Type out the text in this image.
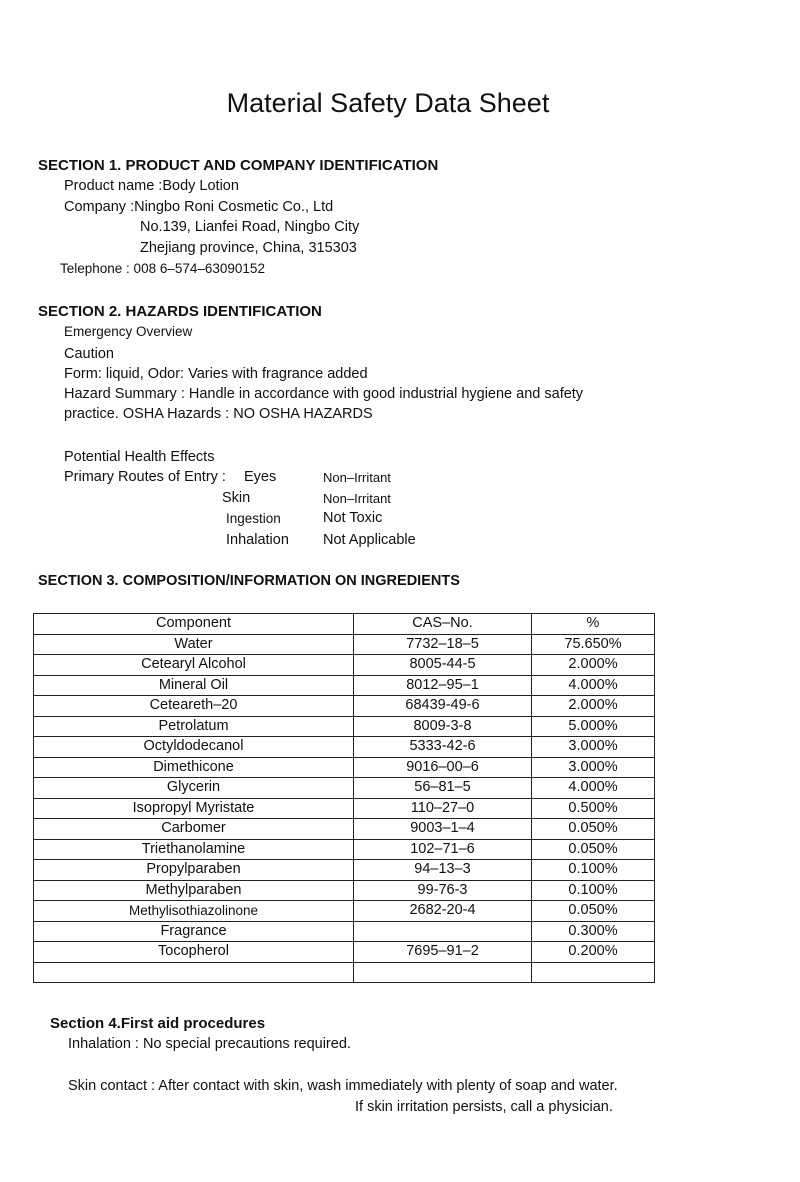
Material Safety Data Sheet
SECTION 1. PRODUCT AND COMPANY IDENTIFICATION

Product name :Body Lotion

Company :Ningbo Roni Cosmetic Co., Ltd

No.139, Lianfei Road, Ningbo City

Zhejiang province, China, 315303

Telephone : 008 6–574–63090152

SECTION 2. HAZARDS IDENTIFICATION

Emergency Overview

Caution

Form: liquid, Odor: Varies with fragrance added

Hazard Summary : Handle in accordance with good industrial hygiene and safety

practice. OSHA Hazards : NO OSHA HAZARDS

Potential Health Effects

Primary Routes of Entry : Eyes	Non–Irritant

Skin	Non–Irritant

Ingestion	Not Toxic

Inhalation Not Applicable

SECTION 3. COMPOSITION/INFORMATION ON INGREDIENTS
Component	CAS–No.	%
Water	7732–18–5	75.650%
Cetearyl Alcohol	8005-44-5	2.000%
Mineral Oil	8012–95–1	4.000%
Ceteareth–20	68439-49-6	2.000%
Petrolatum	8009-3-8	5.000%
Octyldodecanol	5333-42-6	3.000%
Dimethicone	9016–00–6	3.000%
Glycerin	56–81–5	4.000%
Isopropyl Myristate	110–27–0	0.500%
Carbomer	9003–1–4	0.050%
Triethanolamine	102–71–6	0.050%
Propylparaben	94–13–3	0.100%
Methylparaben	99-76-3	0.100%
Methylisothiazolinone	2682-20-4	0.050%
Fragrance		0.300%
Tocopherol	7695–91–2	0.200%

Section 4.First aid procedures

Inhalation : No special precautions required.

Skin contact : After contact with skin, wash immediately with plenty of soap and water.

If skin irritation persists, call a physician.
